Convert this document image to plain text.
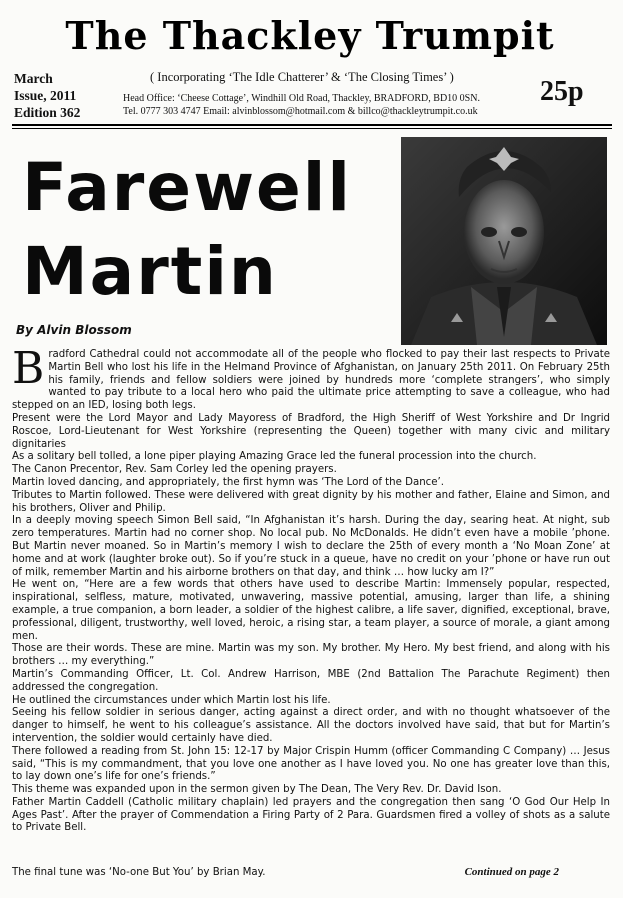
The Thackley Trumpit
March
Issue, 2011
Edition 362
( Incorporating ‘The Idle Chatterer’ & ‘The Closing Times’ )
Head Office: ‘Cheese Cottage’, Windhill Old Road, Thackley, BRADFORD, BD10 0SN.
Tel. 0777 303 4747 Email: alvinblossom@hotmail.com & billco@thackleytrumpit.co.uk
25p
Farewell
Martin
By Alvin Blossom

Bradford Cathedral could not accommodate all of the people who flocked to pay their last respects to Private Martin Bell who lost his life in the Helmand Province of Afghanistan, on January 25th 2011. On February 25th his family, friends and fellow soldiers were joined by hundreds more ‘complete strangers’, who simply wanted to pay tribute to a local hero who paid the ultimate price attempting to save a colleague, who had stepped on an IED, losing both legs.

Present were the Lord Mayor and Lady Mayoress of Bradford, the High Sheriff of West Yorkshire and Dr Ingrid Roscoe, Lord-Lieutenant for West Yorkshire (representing the Queen) together with many civic and military dignitaries

As a solitary bell tolled, a lone piper playing Amazing Grace led the funeral procession into the church.

The Canon Precentor, Rev. Sam Corley led the opening prayers.

Martin loved dancing, and appropriately, the first hymn was ‘The Lord of the Dance’.

Tributes to Martin followed. These were delivered with great dignity by his mother and father, Elaine and Simon, and his brothers, Oliver and Philip.

In a deeply moving speech Simon Bell said, “In Afghanistan it’s harsh. During the day, searing heat. At night, sub zero temperatures. Martin had no corner shop. No local pub. No McDonalds. He didn’t even have a mobile ’phone. But Martin never moaned. So in Martin’s memory I wish to declare the 25th of every month a ‘No Moan Zone’ at home and at work (laughter broke out). So if you’re stuck in a queue, have no credit on your ’phone or have run out of milk, remember Martin and his airborne brothers on that day, and think … how lucky am I?”

He went on, “Here are a few words that others have used to describe Martin: Immensely popular, respected, inspirational, selfless, mature, motivated, unwavering, massive potential, amusing, larger than life, a shining example, a true companion, a born leader, a soldier of the highest calibre, a life saver, dignified, exceptional, brave, professional, diligent, trustworthy, well loved, heroic, a rising star, a team player, a source of morale, a giant among men.

Those are their words. These are mine. Martin was my son. My brother. My Hero. My best friend, and along with his brothers … my everything.”

Martin’s Commanding Officer, Lt. Col. Andrew Harrison, MBE (2nd Battalion The Parachute Regiment) then addressed the congregation.

He outlined the circumstances under which Martin lost his life.

Seeing his fellow soldier in serious danger, acting against a direct order, and with no thought whatsoever of the danger to himself, he went to his colleague’s assistance. All the doctors involved have said, that but for Martin’s intervention, the soldier would certainly have died.

There followed a reading from St. John 15: 12-17 by Major Crispin Humm (officer Commanding C Company) … Jesus said, “This is my commandment, that you love one another as I have loved you. No one has greater love than this, to lay down one’s life for one’s friends.”

This theme was expanded upon in the sermon given by The Dean, The Very Rev. Dr. David Ison.

Father Martin Caddell (Catholic military chaplain) led prayers and the congregation then sang ‘O God Our Help In Ages Past’. After the prayer of Commendation a Firing Party of 2 Para. Guardsmen fired a volley of shots as a salute to Private Bell.

The final tune was ‘No-one But You’ by Brian May.	Continued on page 2
